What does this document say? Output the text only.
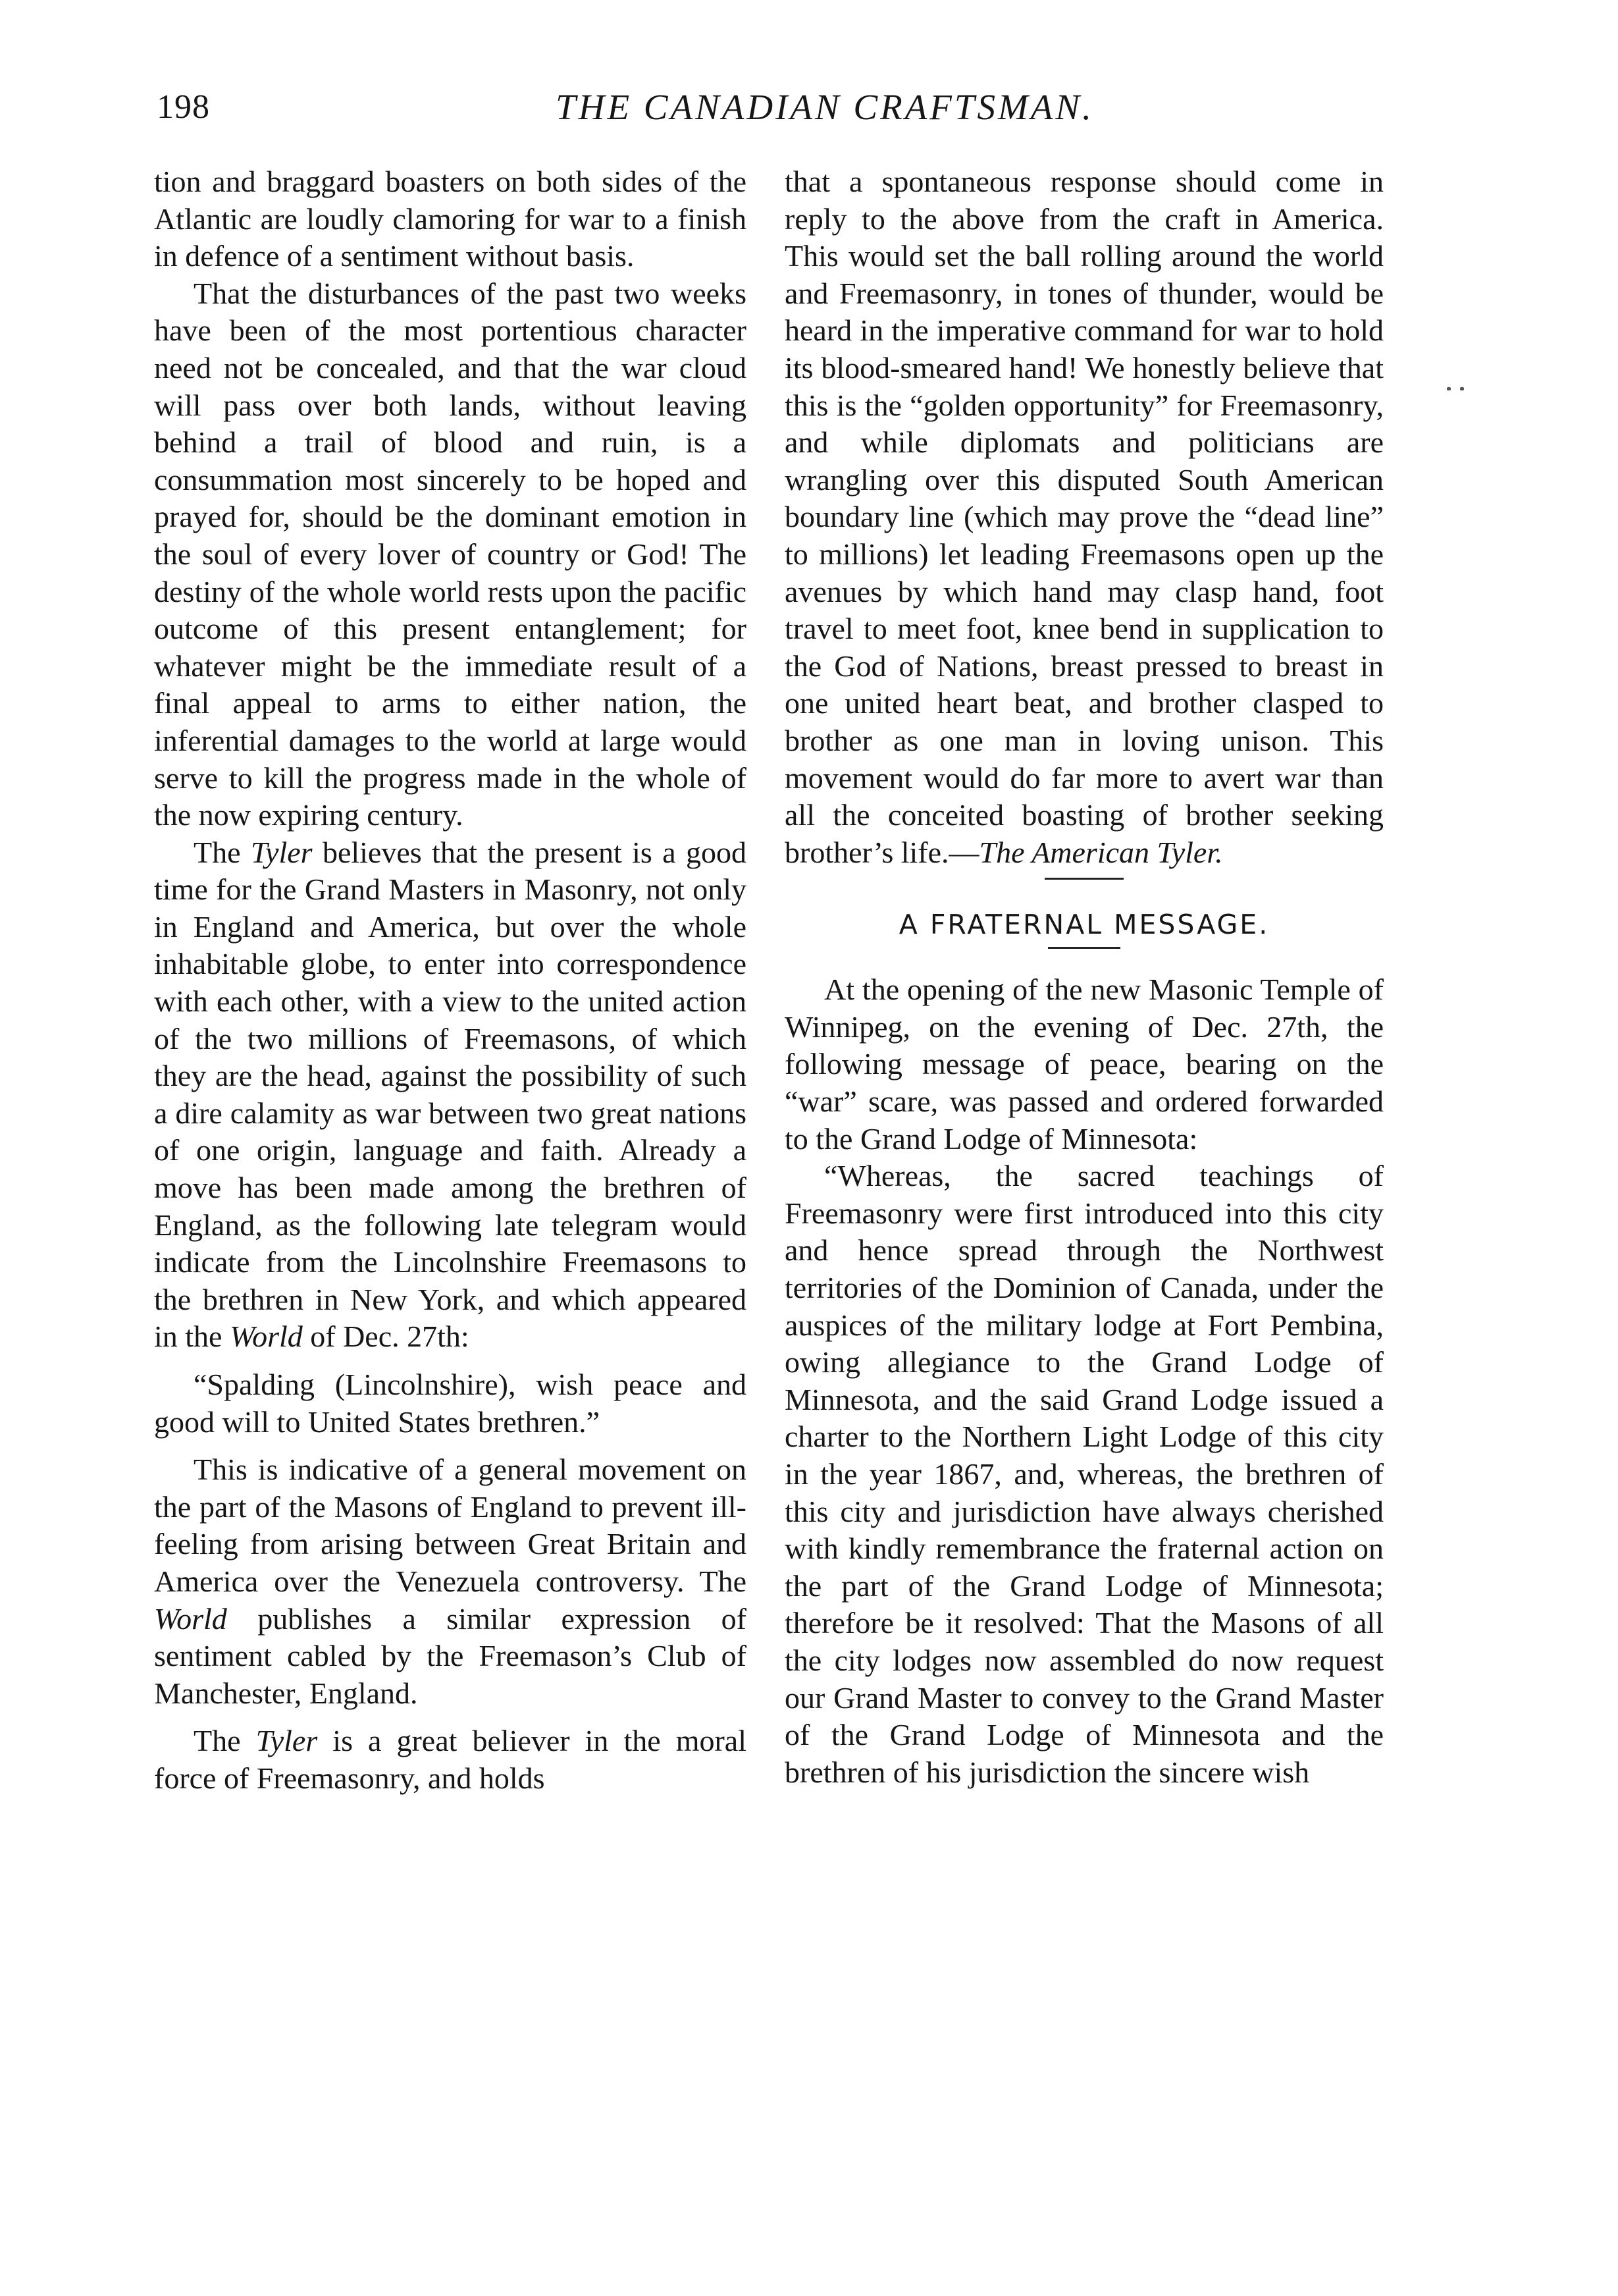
198	THE CANADIAN CRAFTSMAN.

tion and braggard boasters on both sides of the Atlantic are loudly clamoring for war to a finish in defence of a sentiment without basis.

That the disturbances of the past two weeks have been of the most portentious character need not be concealed, and that the war cloud will pass over both lands, without leaving behind a trail of blood and ruin, is a consummation most sincerely to be hoped and prayed for, should be the dominant emotion in the soul of every lover of country or God! The destiny of the whole world rests upon the pacific outcome of this present entanglement; for whatever might be the immediate result of a final appeal to arms to either nation, the inferential damages to the world at large would serve to kill the progress made in the whole of the now expiring century.

The Tyler believes that the present is a good time for the Grand Masters in Masonry, not only in England and America, but over the whole inhabitable globe, to enter into correspondence with each other, with a view to the united action of the two millions of Freemasons, of which they are the head, against the possibility of such a dire calamity as war between two great nations of one origin, language and faith. Already a move has been made among the brethren of England, as the following late telegram would indicate from the Lincolnshire Freemasons to the brethren in New York, and which appeared in the World of Dec. 27th:

“Spalding (Lincolnshire), wish peace and good will to United States brethren.”

This is indicative of a general movement on the part of the Masons of England to prevent ill-feeling from arising between Great Britain and America over the Venezuela controversy. The World publishes a similar expression of sentiment cabled by the Freemason’s Club of Manchester, England.

The Tyler is a great believer in the moral force of Freemasonry, and holds

that a spontaneous response should come in reply to the above from the craft in America. This would set the ball rolling around the world and Freemasonry, in tones of thunder, would be heard in the imperative command for war to hold its blood-smeared hand! We honestly believe that this is the “golden opportunity” for Freemasonry, and while diplomats and politicians are wrangling over this disputed South American boundary line (which may prove the “dead line” to millions) let leading Freemasons open up the avenues by which hand may clasp hand, foot travel to meet foot, knee bend in supplication to the God of Nations, breast pressed to breast in one united heart beat, and brother clasped to brother as one man in loving unison. This movement would do far more to avert war than all the conceited boasting of brother seeking brother’s life.—The American Tyler.

A FRATERNAL MESSAGE.

At the opening of the new Masonic Temple of Winnipeg, on the evening of Dec. 27th, the following message of peace, bearing on the “war” scare, was passed and ordered forwarded to the Grand Lodge of Minnesota:

“Whereas, the sacred teachings of Freemasonry were first introduced into this city and hence spread through the Northwest territories of the Dominion of Canada, under the auspices of the military lodge at Fort Pembina, owing allegiance to the Grand Lodge of Minnesota, and the said Grand Lodge issued a charter to the Northern Light Lodge of this city in the year 1867, and, whereas, the brethren of this city and jurisdiction have always cherished with kindly remembrance the fraternal action on the part of the Grand Lodge of Minnesota; therefore be it resolved: That the Masons of all the city lodges now assembled do now request our Grand Master to convey to the Grand Master of the Grand Lodge of Minnesota and the brethren of his jurisdiction the sincere wish
